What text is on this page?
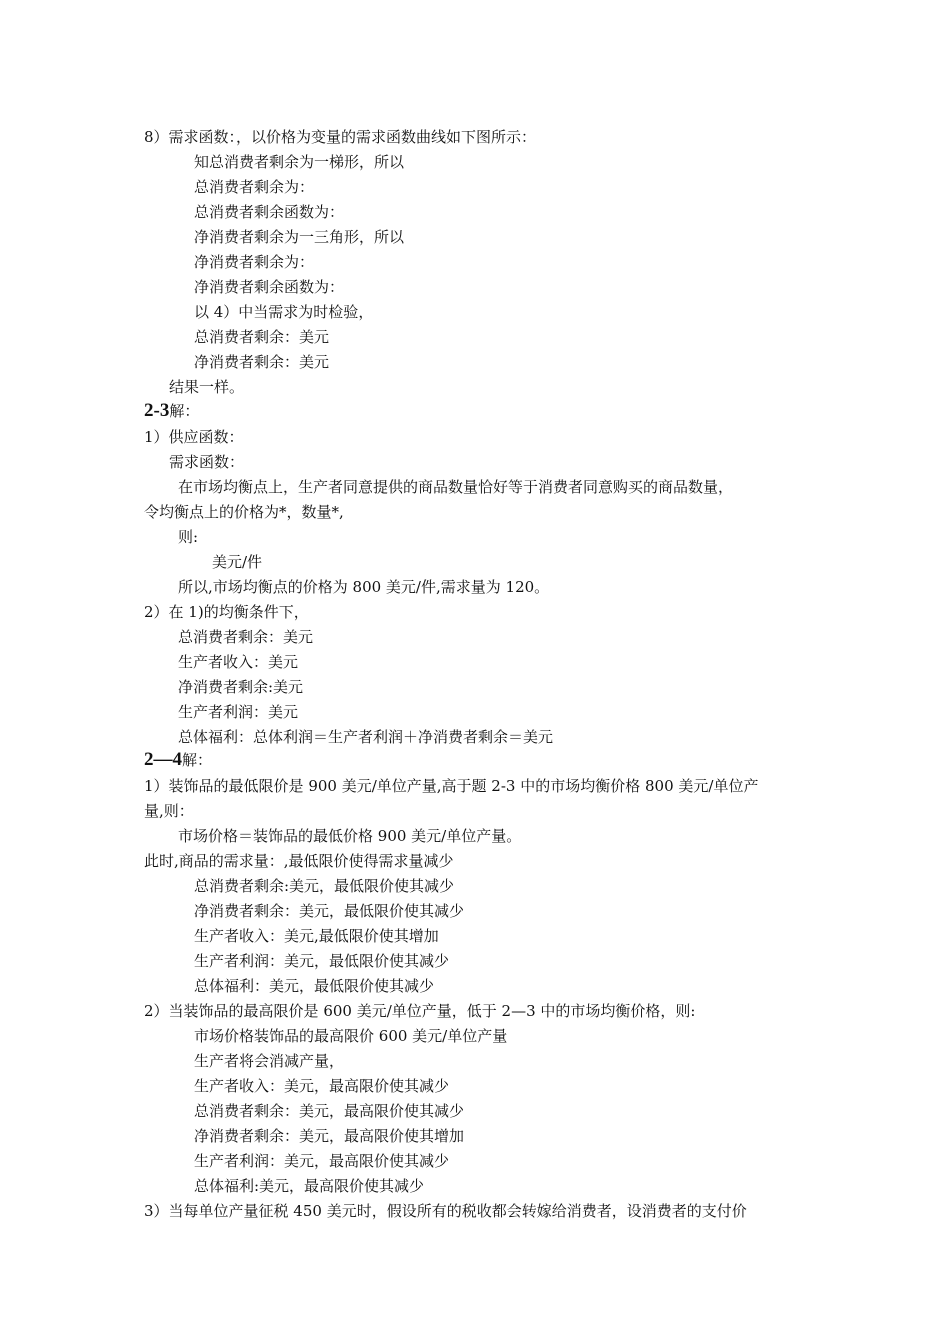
8）需求函数：，以价格为变量的需求函数曲线如下图所示：
知总消费者剩余为一梯形，所以
总消费者剩余为：
总消费者剩余函数为：
净消费者剩余为一三角形，所以
净消费者剩余为：
净消费者剩余函数为：
以 4）中当需求为时检验，
总消费者剩余：美元
净消费者剩余：美元
结果一样。
2-3解：
1）供应函数：
需求函数：
在市场均衡点上，生产者同意提供的商品数量恰好等于消费者同意购买的商品数量，
令均衡点上的价格为*，数量*,
则:
美元/件
所以,市场均衡点的价格为 800 美元/件,需求量为 120。
2）在 1)的均衡条件下，
总消费者剩余：美元
生产者收入：美元
净消费者剩余:美元
生产者利润：美元
总体福利：总体利润＝生产者利润＋净消费者剩余＝美元
2—4解：
1）装饰品的最低限价是 900 美元/单位产量,高于题 2-3 中的市场均衡价格 800 美元/单位产
量,则：
市场价格＝装饰品的最低价格 900 美元/单位产量。
此时,商品的需求量：,最低限价使得需求量减少
总消费者剩余:美元，最低限价使其减少
净消费者剩余：美元，最低限价使其减少
生产者收入：美元,最低限价使其增加
生产者利润：美元，最低限价使其减少
总体福利：美元，最低限价使其减少
2）当装饰品的最高限价是 600 美元/单位产量，低于 2—3 中的市场均衡价格，则:
市场价格装饰品的最高限价 600 美元/单位产量
生产者将会消减产量，
生产者收入：美元，最高限价使其减少
总消费者剩余：美元，最高限价使其减少
净消费者剩余：美元，最高限价使其增加
生产者利润：美元，最高限价使其减少
总体福利:美元，最高限价使其减少
3）当每单位产量征税 450 美元时，假设所有的税收都会转嫁给消费者，设消费者的支付价
